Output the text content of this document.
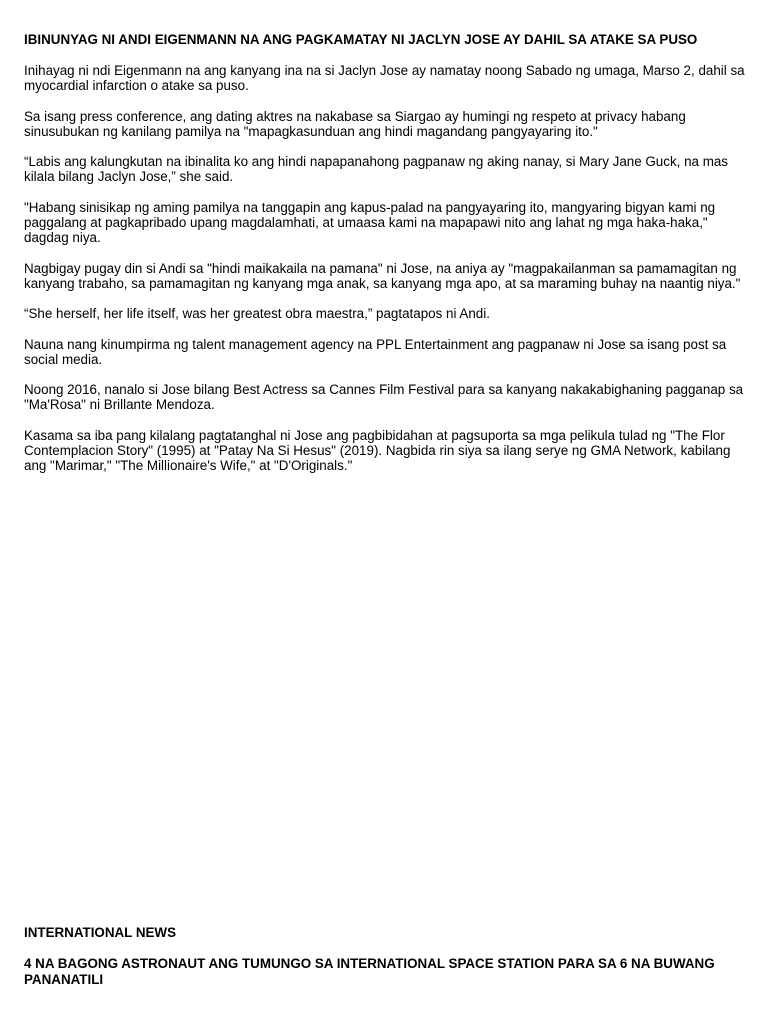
IBINUNYAG NI ANDI EIGENMANN NA ANG PAGKAMATAY NI JACLYN JOSE AY DAHIL SA ATAKE SA PUSO

Inihayag ni ndi Eigenmann na ang kanyang ina na si Jaclyn Jose ay namatay noong Sabado ng umaga, Marso 2, dahil sa myocardial infarction o atake sa puso.

Sa isang press conference, ang dating aktres na nakabase sa Siargao ay humingi ng respeto at privacy habang sinusubukan ng kanilang pamilya na "mapagkasunduan ang hindi magandang pangyayaring ito."

“Labis ang kalungkutan na ibinalita ko ang hindi napapanahong pagpanaw ng aking nanay, si Mary Jane Guck, na mas kilala bilang Jaclyn Jose,” she said.

"Habang sinisikap ng aming pamilya na tanggapin ang kapus-palad na pangyayaring ito, mangyaring bigyan kami ng paggalang at pagkapribado upang magdalamhati, at umaasa kami na mapapawi nito ang lahat ng mga haka-haka," dagdag niya.

Nagbigay pugay din si Andi sa "hindi maikakaila na pamana" ni Jose, na aniya ay "magpakailanman sa pamamagitan ng kanyang trabaho, sa pamamagitan ng kanyang mga anak, sa kanyang mga apo, at sa maraming buhay na naantig niya."

“She herself, her life itself, was her greatest obra maestra,” pagtatapos ni Andi.

Nauna nang kinumpirma ng talent management agency na PPL Entertainment ang pagpanaw ni Jose sa isang post sa social media.

Noong 2016, nanalo si Jose bilang Best Actress sa Cannes Film Festival para sa kanyang nakakabighaning pagganap sa "Ma'Rosa" ni Brillante Mendoza.

Kasama sa iba pang kilalang pagtatanghal ni Jose ang pagbibidahan at pagsuporta sa mga pelikula tulad ng "The Flor Contemplacion Story" (1995) at "Patay Na Si Hesus" (2019). Nagbida rin siya sa ilang serye ng GMA Network, kabilang ang "Marimar," "The Millionaire's Wife," at "D'Originals."

INTERNATIONAL NEWS
4 NA BAGONG ASTRONAUT ANG TUMUNGO SA INTERNATIONAL SPACE STATION PARA SA 6 NA BUWANG PANANATILI
